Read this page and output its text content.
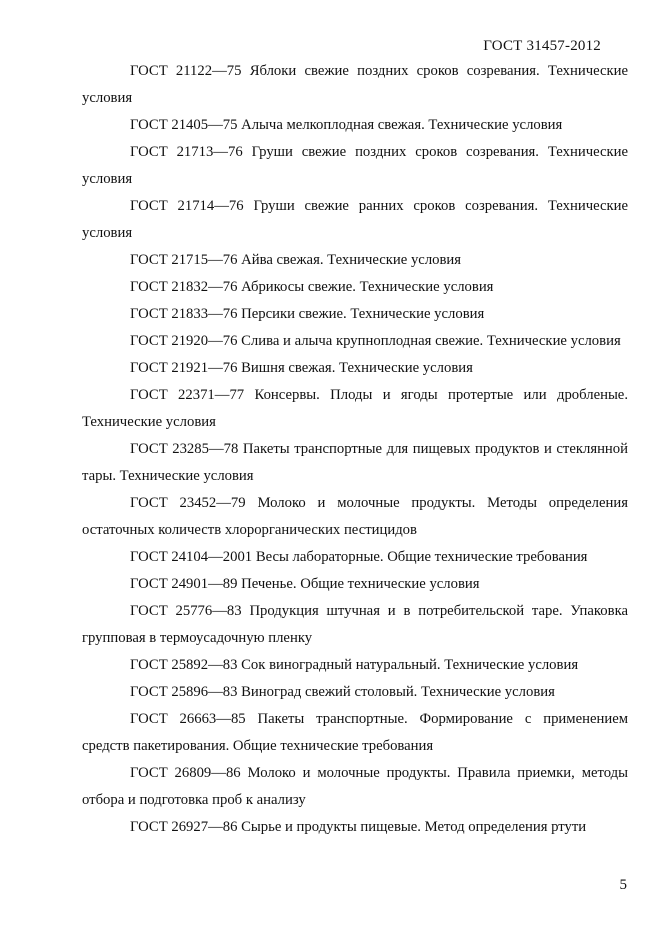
ГОСТ 31457-2012

ГОСТ 21122—75 Яблоки свежие поздних сроков созревания. Технические условия

ГОСТ 21405—75 Алыча мелкоплодная свежая. Технические условия

ГОСТ 21713—76 Груши свежие поздних сроков созревания. Технические условия

ГОСТ 21714—76 Груши свежие ранних сроков созревания. Технические условия

ГОСТ 21715—76 Айва свежая. Технические условия

ГОСТ 21832—76 Абрикосы свежие. Технические условия

ГОСТ 21833—76 Персики свежие. Технические условия

ГОСТ 21920—76 Слива и алыча крупноплодная свежие. Технические условия

ГОСТ 21921—76 Вишня свежая. Технические условия

ГОСТ 22371—77 Консервы. Плоды и ягоды протертые или дробленые. Технические условия

ГОСТ 23285—78 Пакеты транспортные для пищевых продуктов и стеклянной тары. Технические условия

ГОСТ 23452—79 Молоко и молочные продукты. Методы определения остаточных количеств хлорорганических пестицидов

ГОСТ 24104—2001 Весы лабораторные. Общие технические требования

ГОСТ 24901—89 Печенье. Общие технические условия

ГОСТ 25776—83 Продукция штучная и в потребительской таре. Упаковка групповая в термоусадочную пленку

ГОСТ 25892—83 Сок виноградный натуральный. Технические условия

ГОСТ 25896—83 Виноград свежий столовый. Технические условия

ГОСТ 26663—85 Пакеты транспортные. Формирование с применением средств пакетирования. Общие технические требования

ГОСТ 26809—86 Молоко и молочные продукты. Правила приемки, методы отбора и подготовка проб к анализу

ГОСТ 26927—86 Сырье и продукты пищевые. Метод определения ртути

5
